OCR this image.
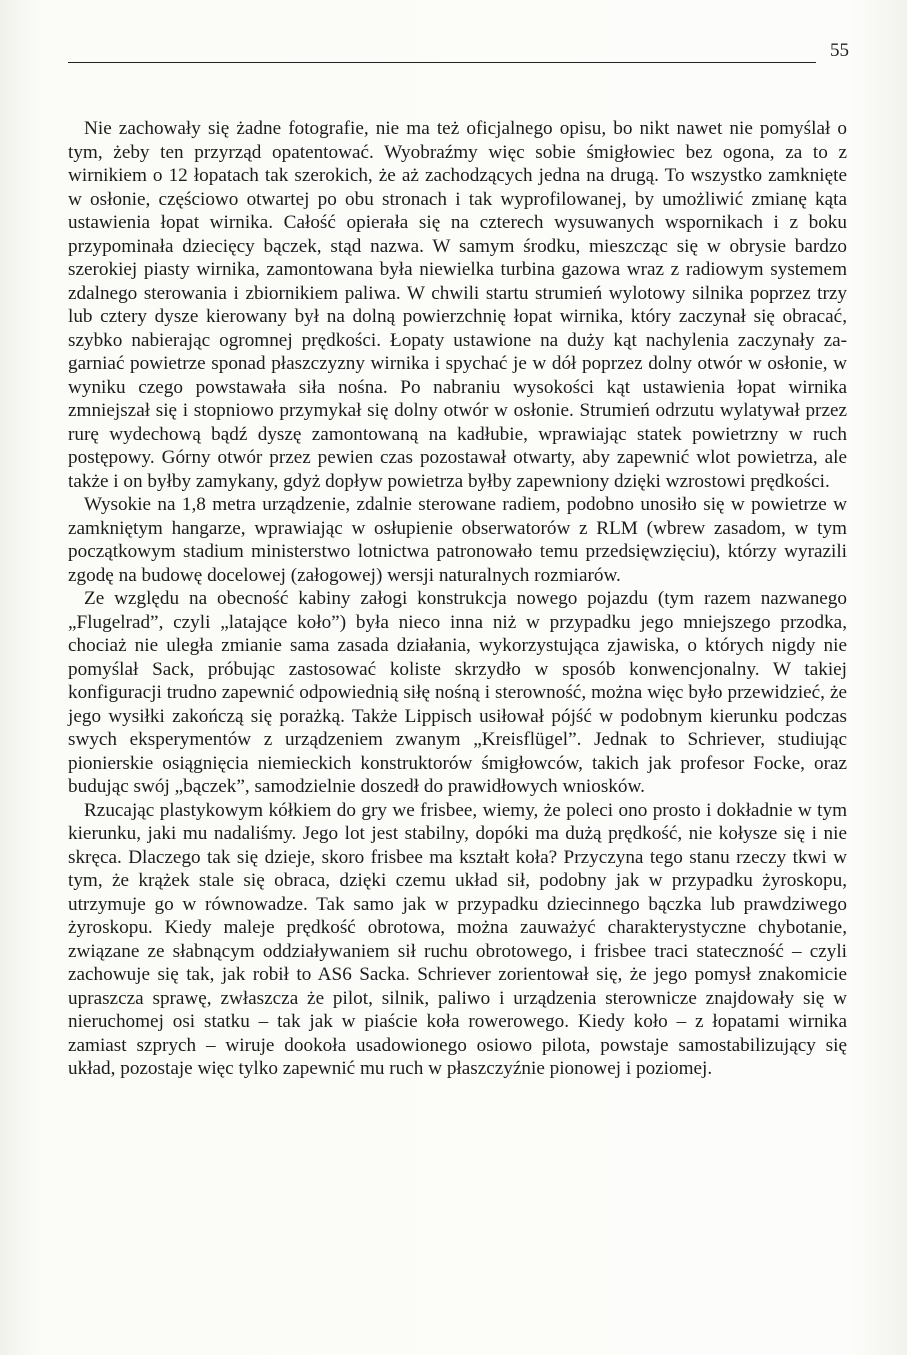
55

Nie zachowały się żadne fotografie, nie ma też oficjalnego opisu, bo nikt nawet nie pomyślał o tym, żeby ten przyrząd opatentować. Wyobraźmy więc sobie śmigłowiec bez ogona, za to z wirnikiem o 12 łopatach tak szerokich, że aż zachodzących jedna na drugą. To wszystko zamknięte w osłonie, częściowo otwartej po obu stronach i tak wyprofilowanej, by umożliwić zmianę kąta ustawienia łopat wirnika. Całość opierała się na czterech wysuwanych wspornikach i z boku przypominała dziecięcy bączek, stąd nazwa. W samym środku, mieszcząc się w obrysie bardzo szerokiej piasty wirnika, zamontowana była niewielka turbina gazowa wraz z radiowym systemem zdalnego sterowania i zbiornikiem paliwa. W chwili startu strumień wylotowy silnika poprzez trzy lub cztery dysze kierowany był na dolną powierzchnię łopat wirnika, który zaczynał się obracać, szybko nabierając ogromnej prędkości. Łopaty ustawione na duży kąt nachylenia zaczynały zagarniać powietrze sponad płaszczyzny wirnika i spychać je w dół poprzez dolny otwór w osłonie, w wyniku czego powstawała siła nośna. Po nabraniu wysokości kąt ustawienia łopat wirnika zmniejszał się i stopniowo przymykał się dolny otwór w osłonie. Strumień odrzutu wylatywał przez rurę wydechową bądź dyszę zamontowaną na kadłubie, wprawiając statek powietrzny w ruch postępowy. Górny otwór przez pewien czas pozostawał otwarty, aby zapewnić wlot powietrza, ale także i on byłby zamykany, gdyż dopływ powietrza byłby zapewniony dzięki wzrostowi prędkości.

Wysokie na 1,8 metra urządzenie, zdalnie sterowane radiem, podobno unosiło się w powietrze w zamkniętym hangarze, wprawiając w osłupienie obserwatorów z RLM (wbrew zasadom, w tym początkowym stadium ministerstwo lotnictwa patronowało temu przedsięwzięciu), którzy wyrazili zgodę na budowę docelowej (załogowej) wersji naturalnych rozmiarów.

Ze względu na obecność kabiny załogi konstrukcja nowego pojazdu (tym razem nazwanego „Flugelrad”, czyli „latające koło”) była nieco inna niż w przypadku jego mniejszego przodka, chociaż nie uległa zmianie sama zasada działania, wykorzystująca zjawiska, o których nigdy nie pomyślał Sack, próbując zastosować koliste skrzydło w sposób konwencjonalny. W takiej konfiguracji trudno zapewnić odpowiednią siłę nośną i sterowność, można więc było przewidzieć, że jego wysiłki zakończą się porażką. Także Lippisch usiłował pójść w podobnym kierunku podczas swych eksperymentów z urządzeniem zwanym „Kreisflügel”. Jednak to Schriever, studiując pionierskie osiągnięcia niemieckich konstruktorów śmigłowców, takich jak profesor Focke, oraz budując swój „bączek”, samodzielnie doszedł do prawidłowych wniosków.

Rzucając plastykowym kółkiem do gry we frisbee, wiemy, że poleci ono prosto i dokładnie w tym kierunku, jaki mu nadaliśmy. Jego lot jest stabilny, dopóki ma dużą prędkość, nie kołysze się i nie skręca. Dlaczego tak się dzieje, skoro frisbee ma kształt koła? Przyczyna tego stanu rzeczy tkwi w tym, że krążek stale się obraca, dzięki czemu układ sił, podobny jak w przypadku żyroskopu, utrzymuje go w równowadze. Tak samo jak w przypadku dziecinnego bączka lub prawdziwego żyroskopu. Kiedy maleje prędkość obrotowa, można zauważyć charakterystyczne chybotanie, związane ze słabnącym oddziaływaniem sił ruchu obrotowego, i frisbee traci stateczność – czyli zachowuje się tak, jak robił to AS6 Sacka. Schriever zorientował się, że jego pomysł znakomicie upraszcza sprawę, zwłaszcza że pilot, silnik, paliwo i urządzenia sterownicze znajdowały się w nieruchomej osi statku – tak jak w piaście koła rowerowego. Kiedy koło – z łopatami wirnika zamiast szprych – wiruje dookoła usadowionego osiowo pilota, powstaje samostabilizujący się układ, pozostaje więc tylko zapewnić mu ruch w płaszczyźnie pionowej i poziomej.
